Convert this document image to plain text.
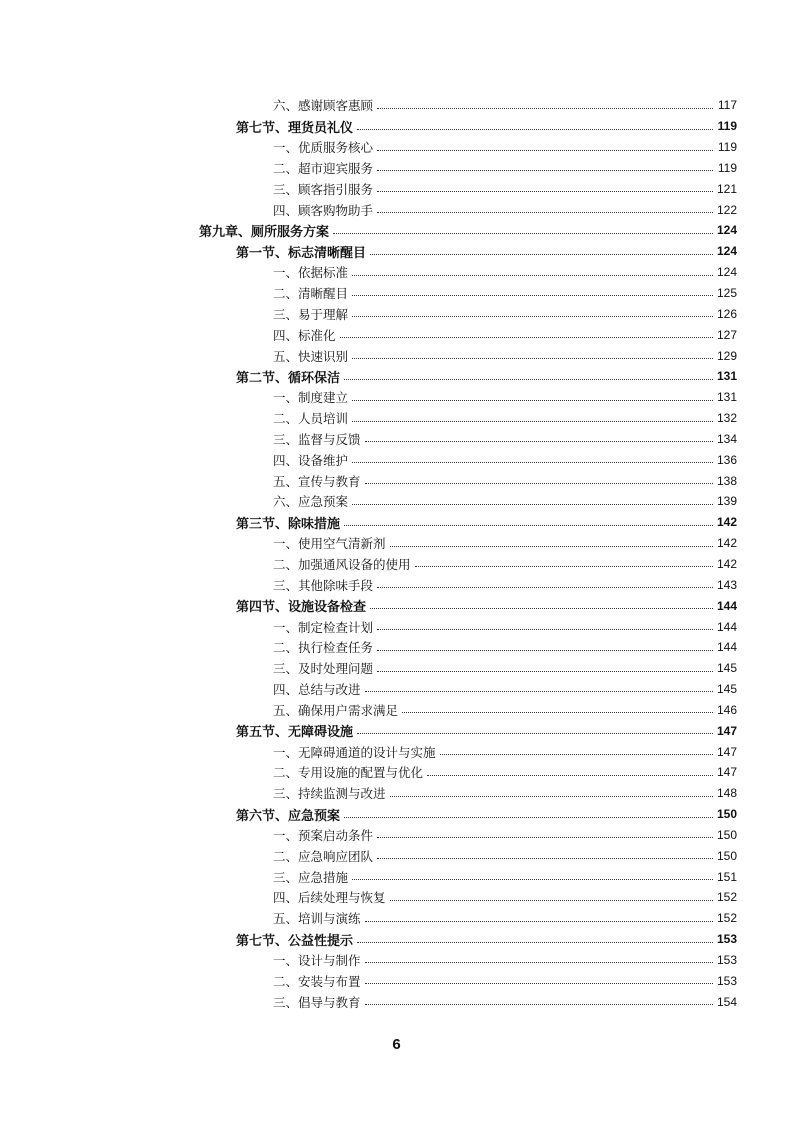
六、感谢顾客惠顾	117
第七节、理货员礼仪	119
一、优质服务核心	119
二、超市迎宾服务	119
三、顾客指引服务	121
四、顾客购物助手	122
第九章、厕所服务方案	124
第一节、标志清晰醒目	124
一、依据标准	124
二、清晰醒目	125
三、易于理解	126
四、标准化	127
五、快速识别	129
第二节、循环保洁	131
一、制度建立	131
二、人员培训	132
三、监督与反馈	134
四、设备维护	136
五、宣传与教育	138
六、应急预案	139
第三节、除味措施	142
一、使用空气清新剂	142
二、加强通风设备的使用	142
三、其他除味手段	143
第四节、设施设备检查	144
一、制定检查计划	144
二、执行检查任务	144
三、及时处理问题	145
四、总结与改进	145
五、确保用户需求满足	146
第五节、无障碍设施	147
一、无障碍通道的设计与实施	147
二、专用设施的配置与优化	147
三、持续监测与改进	148
第六节、应急预案	150
一、预案启动条件	150
二、应急响应团队	150
三、应急措施	151
四、后续处理与恢复	152
五、培训与演练	152
第七节、公益性提示	153
一、设计与制作	153
二、安装与布置	153
三、倡导与教育	154
6
